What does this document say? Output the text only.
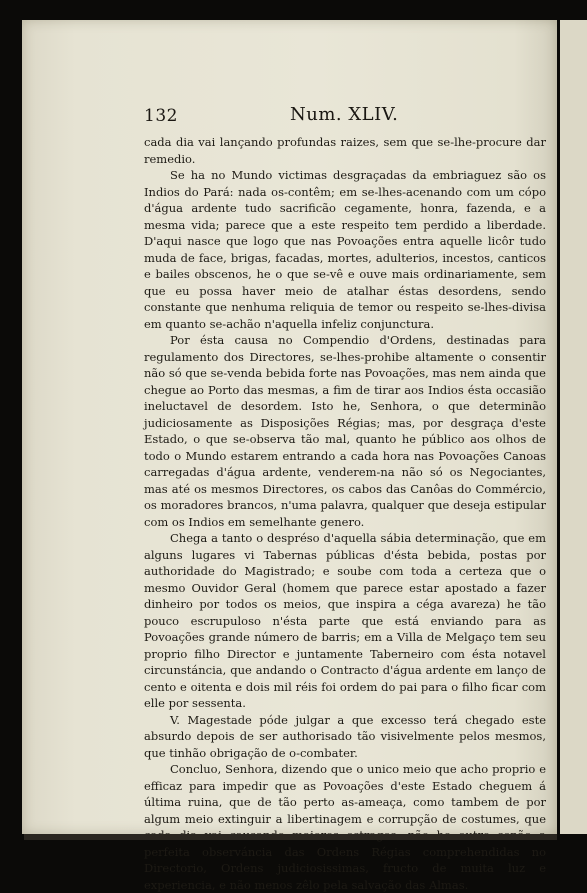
132	Num. XLIV.

cada dia vai lançando profundas raizes, sem que se-lhe-procure dar remedio.

Se ha no Mundo victimas desgraçadas da embriaguez são os Indios do Pará: nada os-contêm; em se-lhes-acenando com um cópo d'água ardente tudo sacrificão cegamente, honra, fazenda, e a mesma vida; parece que a este respeito tem perdido a liberdade. D'aqui nasce que logo que nas Povoações entra aquelle licôr tudo muda de face, brigas, facadas, mortes, adulterios, incestos, canticos e bailes obscenos, he o que se-vê e ouve mais ordinariamente, sem que eu possa haver meio de atalhar éstas desordens, sendo constante que nenhuma reliquia de temor ou respeito se-lhes-divisa em quanto se-achão n'aquella infeliz conjunctura.

Por ésta causa no Compendio d'Ordens, destinadas para regulamento dos Directores, se-lhes-prohibe altamente o consentir não só que se-venda bebida forte nas Povoações, mas nem ainda que chegue ao Porto das mesmas, a fim de tirar aos Indios ésta occasião ineluctavel de desordem. Isto he, Senhora, o que determinão judiciosamente as Disposições Régias; mas, por desgraça d'este Estado, o que se-observa tão mal, quanto he público aos olhos de todo o Mundo estarem entrando a cada hora nas Povoações Canoas carregadas d'água ardente, venderem-na não só os Negociantes, mas até os mesmos Directores, os cabos das Canôas do Commércio, os moradores brancos, n'uma palavra, qualquer que deseja estipular com os Indios em semelhante genero.

Chega a tanto o despréso d'aquella sábia determinação, que em alguns lugares vi Tabernas públicas d'ésta bebida, postas por authoridade do Magistrado; e soube com toda a certeza que o mesmo Ouvidor Geral (homem que parece estar apostado a fazer dinheiro por todos os meios, que inspira a céga avareza) he tão pouco escrupuloso n'ésta parte que está enviando para as Povoações grande número de barris; em a Villa de Melgaço tem seu proprio filho Director e juntamente Taberneiro com ésta notavel circunstáncia, que andando o Contracto d'água ardente em lanço de cento e oitenta e dois mil réis foi ordem do pai para o filho ficar com elle por sessenta.

V. Magestade póde julgar a que excesso terá chegado este absurdo depois de ser authorisado tão visivelmente pelos mesmos, que tinhão obrigação de o-combater.

Concluo, Senhora, dizendo que o unico meio que acho proprio e efficaz para impedir que as Povoações d'este Estado cheguem á última ruina, que de tão perto as-ameaça, como tambem de por algum meio extinguir a libertinagem e corrupção de costumes, que perfeita observáncia das Ordens Régias comprehendidas no Directorio, Ordens judiciosissimas, fructo de muita luz e experiencia, e não menos zêlo pela salvação das Almas.
